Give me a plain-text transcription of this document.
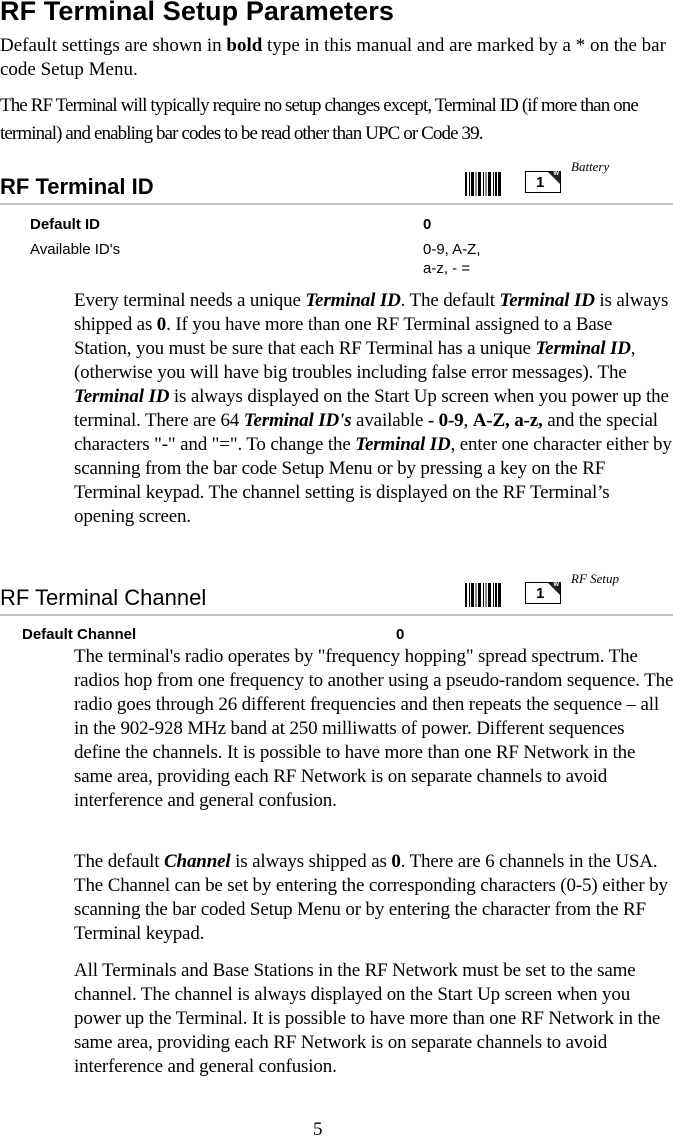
RF Terminal Setup Parameters
Default settings are shown in bold type in this manual and are marked by a * on the bar code Setup Menu.
The RF Terminal will typically require no setup changes except, Terminal ID (if more than one terminal) and enabling bar codes to be read other than UPC or Code 39.
RF Terminal ID	1 W Battery
Default ID	0
Available ID's	0-9, A-Z,
a-z, - =
Every terminal needs a unique Terminal ID. The default Terminal ID is always shipped as 0. If you have more than one RF Terminal assigned to a Base Station, you must be sure that each RF Terminal has a unique Terminal ID, (otherwise you will have big troubles including false error messages). The Terminal ID is always displayed on the Start Up screen when you power up the terminal. There are 64 Terminal ID's available - 0-9, A-Z, a-z, and the special characters "-" and "=". To change the Terminal ID, enter one character either by scanning from the bar code Setup Menu or by pressing a key on the RF Terminal keypad. The channel setting is displayed on the RF Terminal’s opening screen.
RF Terminal Channel	1 W RF Setup
Default Channel	0
The terminal's radio operates by "frequency hopping" spread spectrum. The radios hop from one frequency to another using a pseudo-random sequence. The radio goes through 26 different frequencies and then repeats the sequence – all in the 902-928 MHz band at 250 milliwatts of power. Different sequences define the channels. It is possible to have more than one RF Network in the same area, providing each RF Network is on separate channels to avoid interference and general confusion.
The default Channel is always shipped as 0. There are 6 channels in the USA. The Channel can be set by entering the corresponding characters (0-5) either by scanning the bar coded Setup Menu or by entering the character from the RF Terminal keypad.
All Terminals and Base Stations in the RF Network must be set to the same channel. The channel is always displayed on the Start Up screen when you power up the Terminal. It is possible to have more than one RF Network in the same area, providing each RF Network is on separate channels to avoid interference and general confusion.
5
